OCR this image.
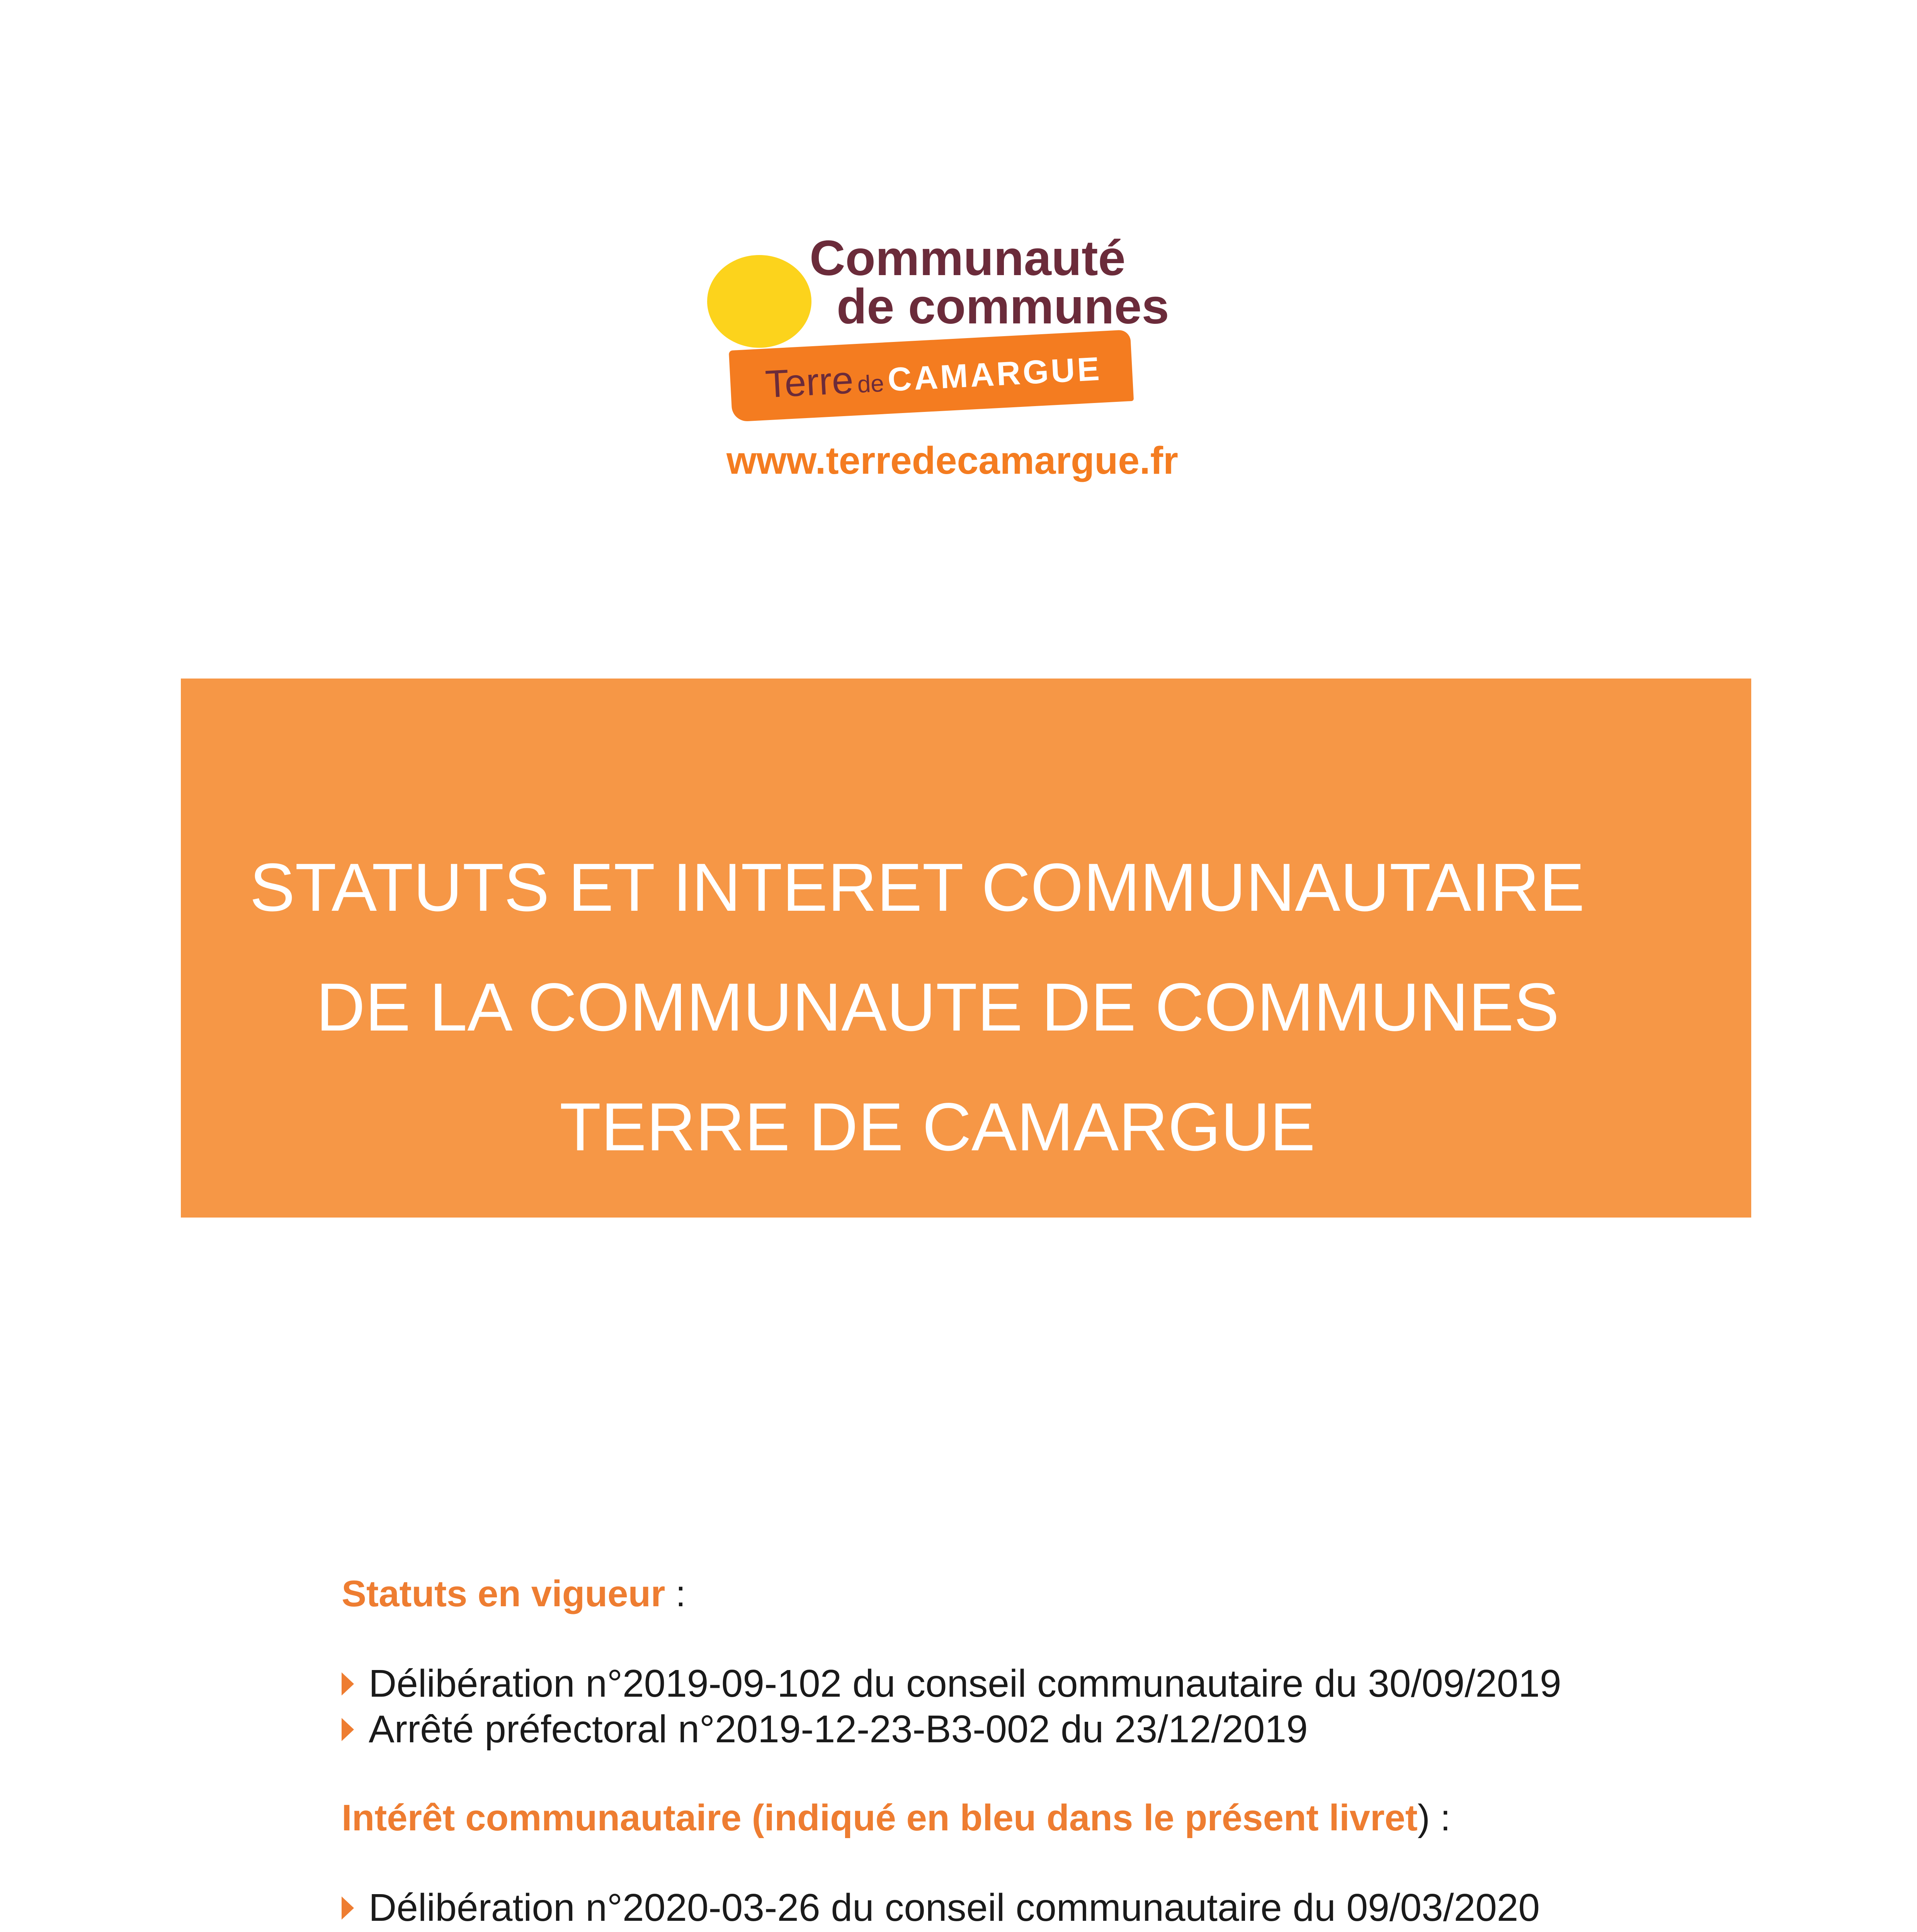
Communauté
de communes
TerredeCAMARGUE
www.terredecamargue.fr
STATUTS ET INTERET COMMUNAUTAIRE
DE LA COMMUNAUTE DE COMMUNES
TERRE DE CAMARGUE
Statuts en vigueur :
Délibération n°2019-09-102 du conseil communautaire du 30/09/2019
Arrêté préfectoral n°2019-12-23-B3-002 du 23/12/2019
Intérêt communautaire (indiqué en bleu dans le présent livret) :
Délibération n°2020-03-26 du conseil communautaire du 09/03/2020
